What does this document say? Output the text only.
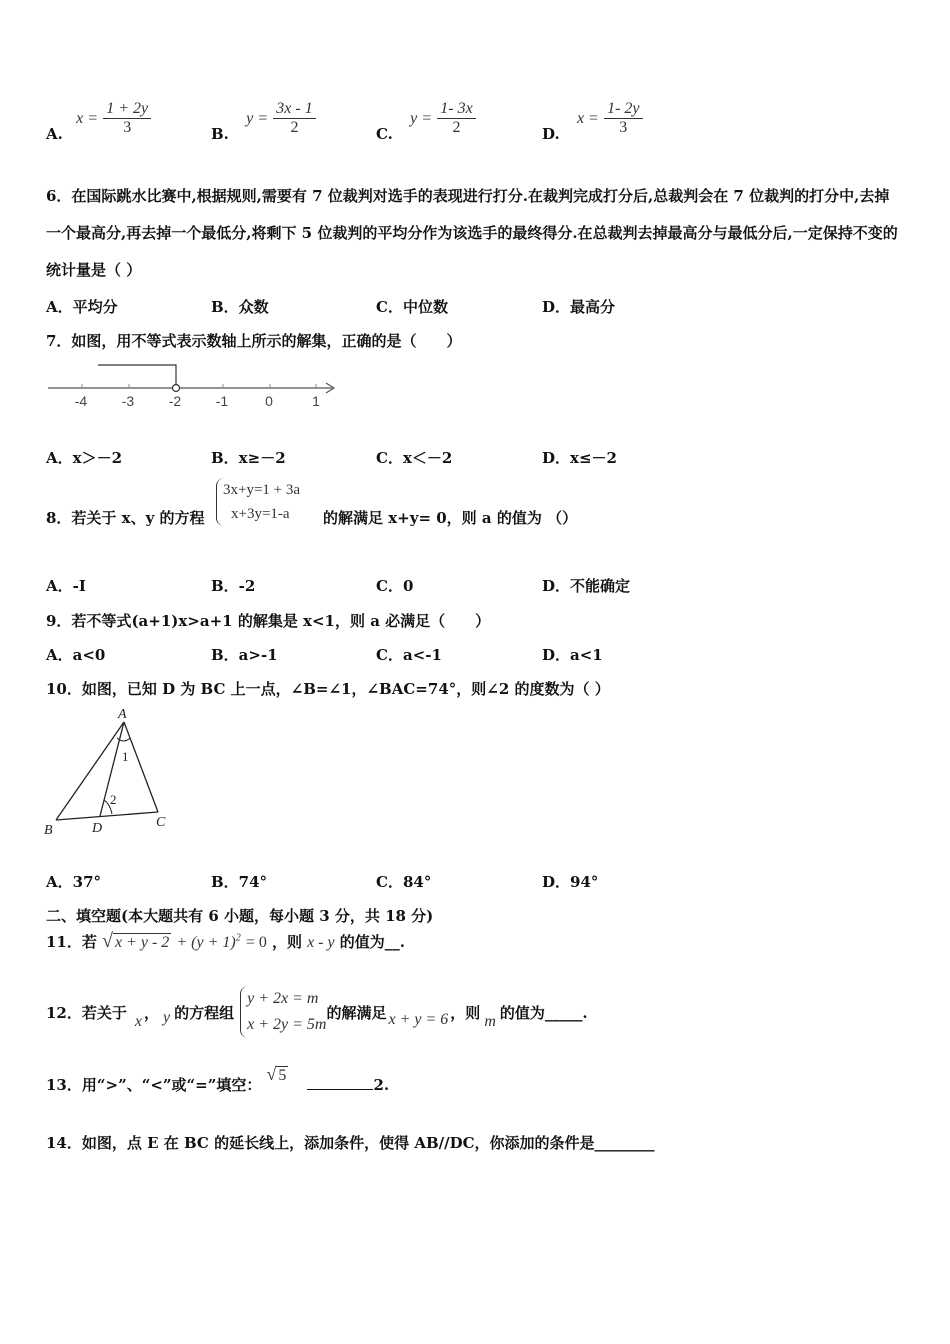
A. $x = \frac{1 + 2y}{3}$	B. $y = \frac{3x - 1}{2}$	C. $y = \frac{1- 3x}{2}$	D. $x = \frac{1- 2y}{3}$
6．在国际跳水比赛中,根据规则,需要有 7 位裁判对选手的表现进行打分.在裁判完成打分后,总裁判会在 7 位裁判的打分中,去掉一个最高分,再去掉一个最低分,将剩下 5 位裁判的平均分作为该选手的最终得分.在总裁判去掉最高分与最低分后,一定保持不变的统计量是（ ）
A．平均分	B．众数	C．中位数	D．最高分
7．如图，用不等式表示数轴上所示的解集，正确的是（　　）
-4 -3 -2 -1	0	1
A．x＞－2	B．x≥－2	C．x＜－2	D．x≤－2
8．若关于 x、y 的方程
3x+y=1 + 3a
x+3y=1-a	的解满足 x+y= 0，则 a 的值为 （）
A．-I	B．-2	C．0	D．不能确定
9．若不等式(a+1)x>a+1 的解集是 x<1，则 a 必满足（　　）
A．a<0	B．a>-1	C．a<-1	D．a<1
10．如图，已知 D 为 BC 上一点，∠B=∠1，∠BAC=74°，则∠2 的度数为（ ）
A
B
C
D
1
2
A．37°	B．74°	C．84°	D．94°
二、填空题(本大题共有 6 小题，每小题 3 分，共 18 分)
11．若 √ $x + y - 2 + (y + 1)^2 = 0$ ，则 x - y 的值为__.
12．若关于 x ， y 的方程组
y + 2x = m
x + 2y = 5m
的解满足 x + y = 6 ，则 m 的值为_____.
13．用“>”、“<”或“=”填空： √ 5 2.
14．如图，点 E 在 BC 的延长线上，添加条件，使得 AB//DC，你添加的条件是________
